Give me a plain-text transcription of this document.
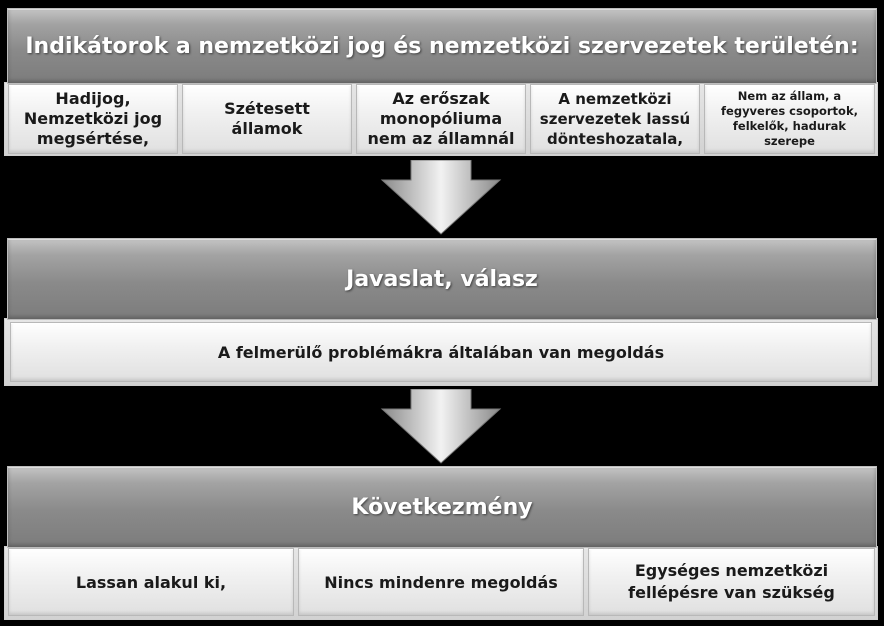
Indikátorok a nemzetközi jog és nemzetközi szervezetek területén:
Hadijog,
Nemzetközi jog
megsértése,
Szétesett
államok
Az erőszak
monopóliuma
nem az államnál
A nemzetközi
szervezetek lassú
dönteshozatala,
Nem az állam, a
fegyveres csoportok,
felkelők, hadurak
szerepe
Javaslat, válasz
A felmerülő problémákra általában van megoldás
Következmény
Lassan alakul ki,	Nincs mindenre megoldás
Egységes nemzetközi
fellépésre van szükség
